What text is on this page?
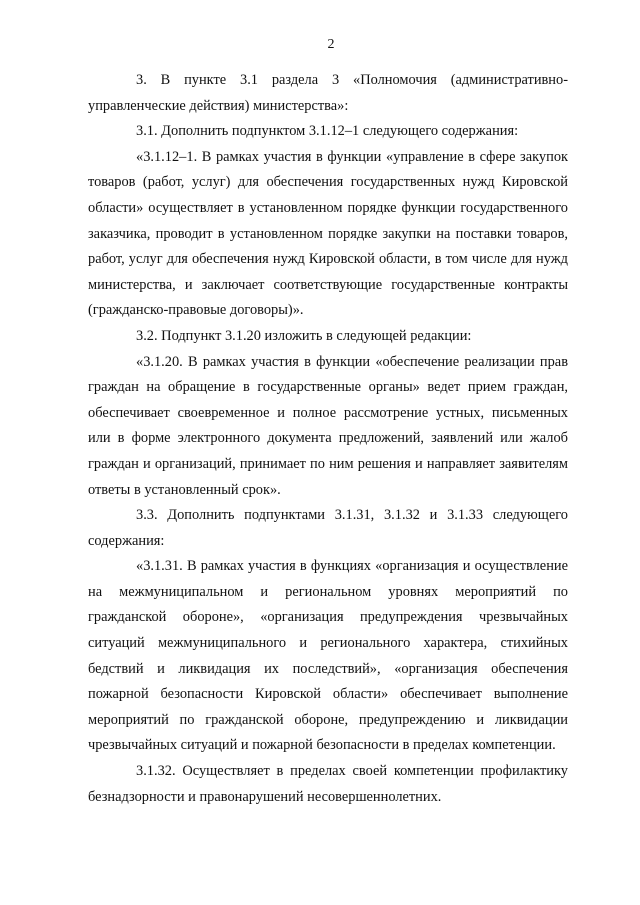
2

3. В пункте 3.1 раздела 3 «Полномочия (административно-управленческие действия) министерства»:

3.1. Дополнить подпунктом 3.1.12–1 следующего содержания:

«3.1.12–1. В рамках участия в функции «управление в сфере закупок товаров (работ, услуг) для обеспечения государственных нужд Кировской области» осуществляет в установленном порядке функции государственного заказчика, проводит в установленном порядке закупки на поставки товаров, работ, услуг для обеспечения нужд Кировской области, в том числе для нужд министерства, и заключает соответствующие государственные контракты (гражданско-правовые договоры)».

3.2. Подпункт 3.1.20 изложить в следующей редакции:

«3.1.20. В рамках участия в функции «обеспечение реализации прав граждан на обращение в государственные органы» ведет прием граждан, обеспечивает своевременное и полное рассмотрение устных, письменных или в форме электронного документа предложений, заявлений или жалоб граждан и организаций, принимает по ним решения и направляет заявителям ответы в установленный срок».

3.3. Дополнить подпунктами 3.1.31, 3.1.32 и 3.1.33 следующего содержания:

«3.1.31. В рамках участия в функциях «организация и осуществление на межмуниципальном и региональном уровнях мероприятий по гражданской обороне», «организация предупреждения чрезвычайных ситуаций межмуниципального и регионального характера, стихийных бедствий и ликвидация их последствий», «организация обеспечения пожарной безопасности Кировской области» обеспечивает выполнение мероприятий по гражданской обороне, предупреждению и ликвидации чрезвычайных ситуаций и пожарной безопасности в пределах компетенции.

3.1.32. Осуществляет в пределах своей компетенции профилактику безнадзорности и правонарушений несовершеннолетних.
